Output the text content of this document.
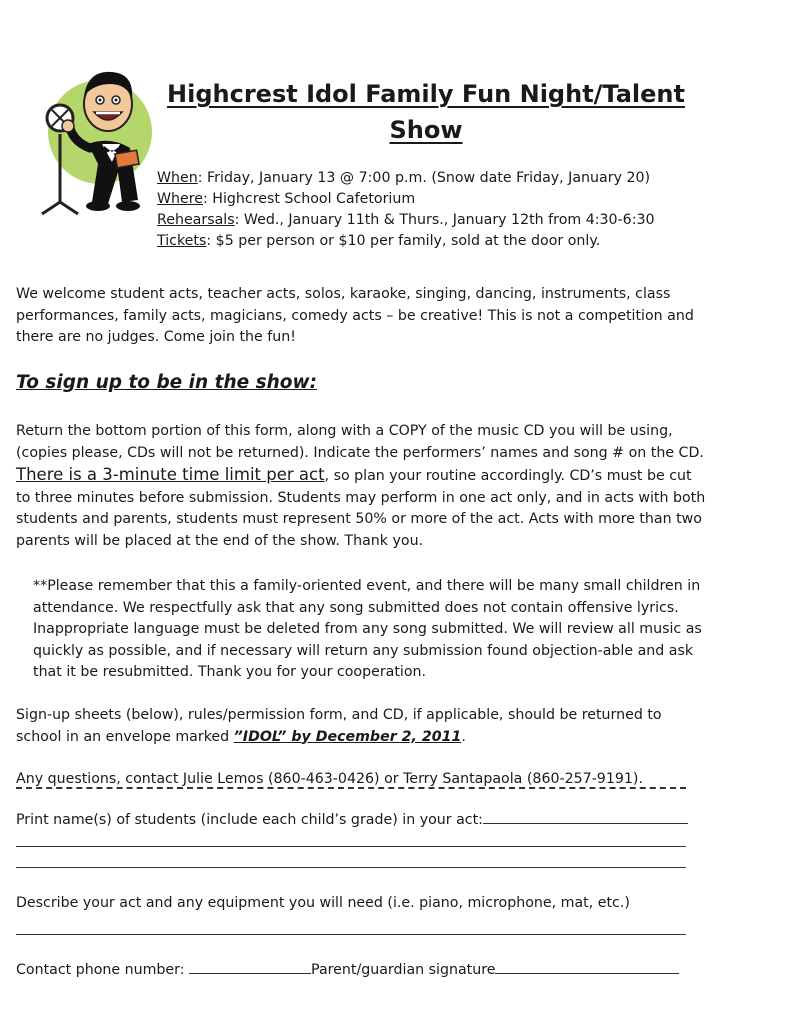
Highcrest Idol Family Fun Night/Talent Show
When: Friday, January 13 @ 7:00 p.m. (Snow date Friday, January 20)
Where: Highcrest School Cafetorium
Rehearsals: Wed., January 11th & Thurs., January 12th from 4:30-6:30
Tickets: $5 per person or $10 per family, sold at the door only.
We welcome student acts, teacher acts, solos, karaoke, singing, dancing, instruments, class performances, family acts, magicians, comedy acts – be creative! This is not a competition and there are no judges. Come join the fun!
To sign up to be in the show:
Return the bottom portion of this form, along with a COPY of the music CD you will be using, (copies please, CDs will not be returned). Indicate the performers’ names and song # on the CD. There is a 3-minute time limit per act, so plan your routine accordingly. CD’s must be cut to three minutes before submission. Students may perform in one act only, and in acts with both students and parents, students must represent 50% or more of the act. Acts with more than two parents will be placed at the end of the show. Thank you.
**Please remember that this a family-oriented event, and there will be many small children in attendance. We respectfully ask that any song submitted does not contain offensive lyrics. Inappropriate language must be deleted from any song submitted. We will review all music as quickly as possible, and if necessary will return any submission found objection-able and ask that it be resubmitted. Thank you for your cooperation.
Sign-up sheets (below), rules/permission form, and CD, if applicable, should be returned to school in an envelope marked ”IDOL” by December 2, 2011.
Any questions, contact Julie Lemos (860-463-0426) or Terry Santapaola (860-257-9191).
Print name(s) of students (include each child’s grade) in your act:
Describe your act and any equipment you will need (i.e. piano, microphone, mat, etc.)
Contact phone number:	Parent/guardian signature
